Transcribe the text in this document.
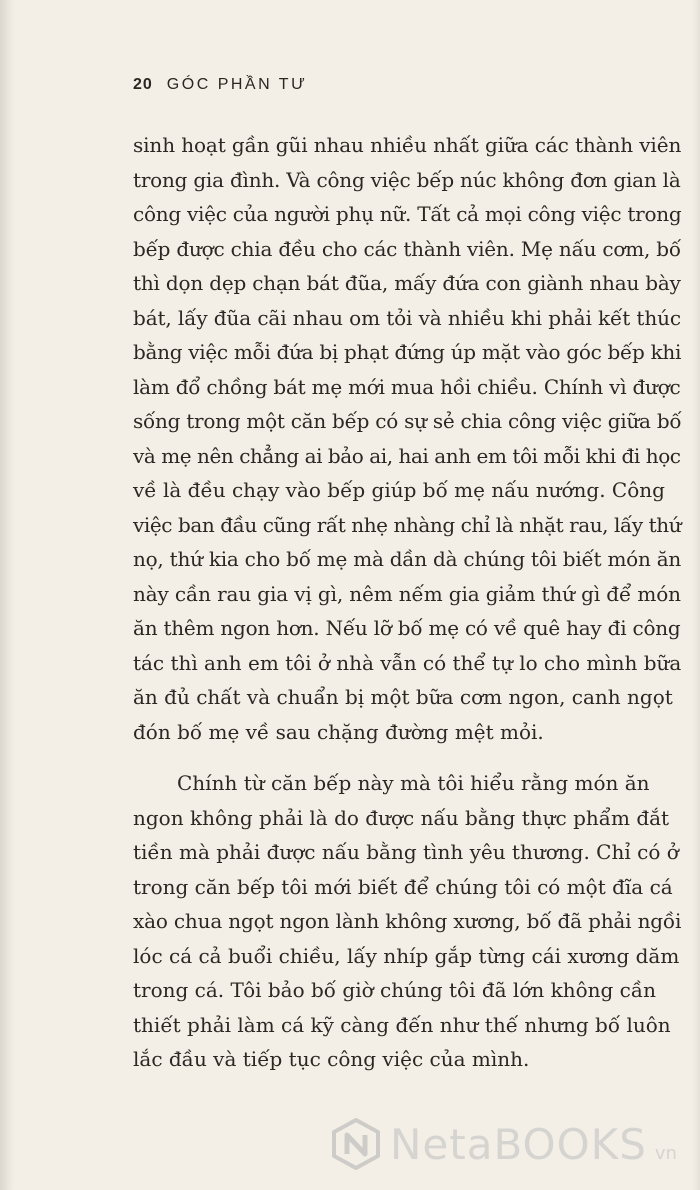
20 GÓC PHẦN TƯ

sinh hoạt gần gũi nhau nhiều nhất giữa các thành viên
trong gia đình. Và công việc bếp núc không đơn gian là
công việc của người phụ nữ. Tất cả mọi công việc trong
bếp được chia đều cho các thành viên. Mẹ nấu cơm, bố
thì dọn dẹp chạn bát đũa, mấy đứa con giành nhau bày
bát, lấy đũa cãi nhau om tỏi và nhiều khi phải kết thúc
bằng việc mỗi đứa bị phạt đứng úp mặt vào góc bếp khi
làm đổ chồng bát mẹ mới mua hồi chiều. Chính vì được
sống trong một căn bếp có sự sẻ chia công việc giữa bố
và mẹ nên chẳng ai bảo ai, hai anh em tôi mỗi khi đi học
về là đều chạy vào bếp giúp bố mẹ nấu nướng. Công
việc ban đầu cũng rất nhẹ nhàng chỉ là nhặt rau, lấy thứ
nọ, thứ kia cho bố mẹ mà dần dà chúng tôi biết món ăn
này cần rau gia vị gì, nêm nếm gia giảm thứ gì để món
ăn thêm ngon hơn. Nếu lỡ bố mẹ có về quê hay đi công
tác thì anh em tôi ở nhà vẫn có thể tự lo cho mình bữa
ăn đủ chất và chuẩn bị một bữa cơm ngon, canh ngọt
đón bố mẹ về sau chặng đường mệt mỏi.

Chính từ căn bếp này mà tôi hiểu rằng món ăn
ngon không phải là do được nấu bằng thực phẩm đắt
tiền mà phải được nấu bằng tình yêu thương. Chỉ có ở
trong căn bếp tôi mới biết để chúng tôi có một đĩa cá
xào chua ngọt ngon lành không xương, bố đã phải ngồi
lóc cá cả buổi chiều, lấy nhíp gắp từng cái xương dăm
trong cá. Tôi bảo bố giờ chúng tôi đã lớn không cần
thiết phải làm cá kỹ càng đến như thế nhưng bố luôn
lắc đầu và tiếp tục công việc của mình.

NetaBOOKS vn
